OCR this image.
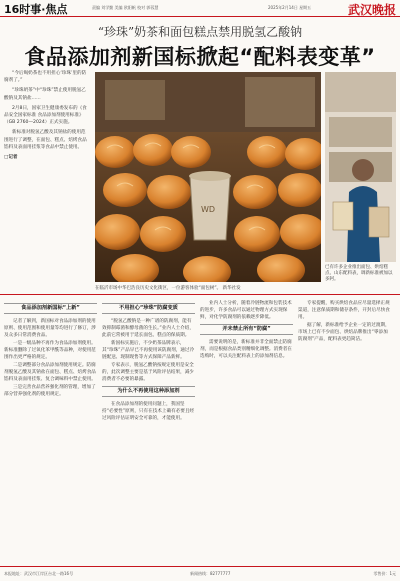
16时事·焦点	责编 刘学勤 美编 欧阳帆 校对 郭蓉慧	2025年2月14日 星期五	武汉晚报
“珍珠”奶茶和面包糕点禁用脱氢乙酸钠
食品添加剂新国标掀起“配料表变革”

“今后喝奶茶也不用担心‘珍珠’里的防腐剂了。”

“珍珠奶茶”中“珍珠”禁止使用脱氢乙酸钠及其钠盐……

2月8日，国家卫生健康委发布的《食品安全国家标准 食品添加剂使用标准》（GB 2760—2024）正式实施。

新标准对脱氢乙酸及其钠盐的使用范围进行了调整，在面包、糕点、焙烤食品馅料及表面用挂浆等食品中禁止使用。

□记者

WD
在临沂市场中华巴浩良历史文化街区，一位游客体验“面包树”。 新华社发
已有许多企业推出面包、烘焙糕点、山东配料表，调新标准被加以多阿。
食品添加剂新国标“上新”

记者了解到，新国标对食品添加剂的使用原则、使用范围和使用量等均进行了修订，涉及众多日常消费食品。

一是一级品种不再作为食品添加剂使用。新标准删除了过氧化苯甲酰等品种，对使用范围作出更严格的规定。

二是调整部分食品添加剂使用规定。防腐剂脱氢乙酸及其钠盐在面包、糕点、焙烤食品馅料及表面用挂浆、复合调味料中禁止使用。

三是完善食品营养强化剂的管理，增加了部分营养强化剂的使用规定。

不用担心“珍珠”防腐变质

“脱氢乙酸钠是一种广谱的防腐剂，能有效抑制霉菌和酵母菌的生长。”业内人士介绍，此前它常被用于延长面包、糕点的保质期。

新国标实施后，不少奶茶品牌表示，其“珍珠”产品早已不再使用该防腐剂，通过冷链配送、现制现售等方式保障产品新鲜。

专家表示，脱氢乙酸钠按规定使用是安全的，此次调整主要是基于风险评估结果，减少消费者不必要的暴露。

为什么不再使用这种添加剂

在食品添加剂的使用问题上，我国坚持“必要性”原则，只有在技术上确有必要且经过风险评估证明安全可靠的，才能使用。

业内人士分析，随着冷链物流和包装技术的进步，许多食品可以通过物理方式实现保鲜，对化学防腐剂的依赖逐步降低。

并未禁止所有“防腐”

需要说明的是，新标准并非全面禁止防腐剂，而是根据食品类别精细化调整。消费者在选购时，可以关注配料表上的添加剂信息。

专家提醒，购买烘焙食品应尽量选择正规渠道，注意保质期和储存条件，开封后尽快食用。

据了解，新标准给予企业一定的过渡期，市场上已有不少面包、烘焙品牌推出“零添加防腐剂”产品，配料表更趋简洁。

本报地址：武汉市江岸区台北一路16号	新闻热线：82777777	零售价：1元
